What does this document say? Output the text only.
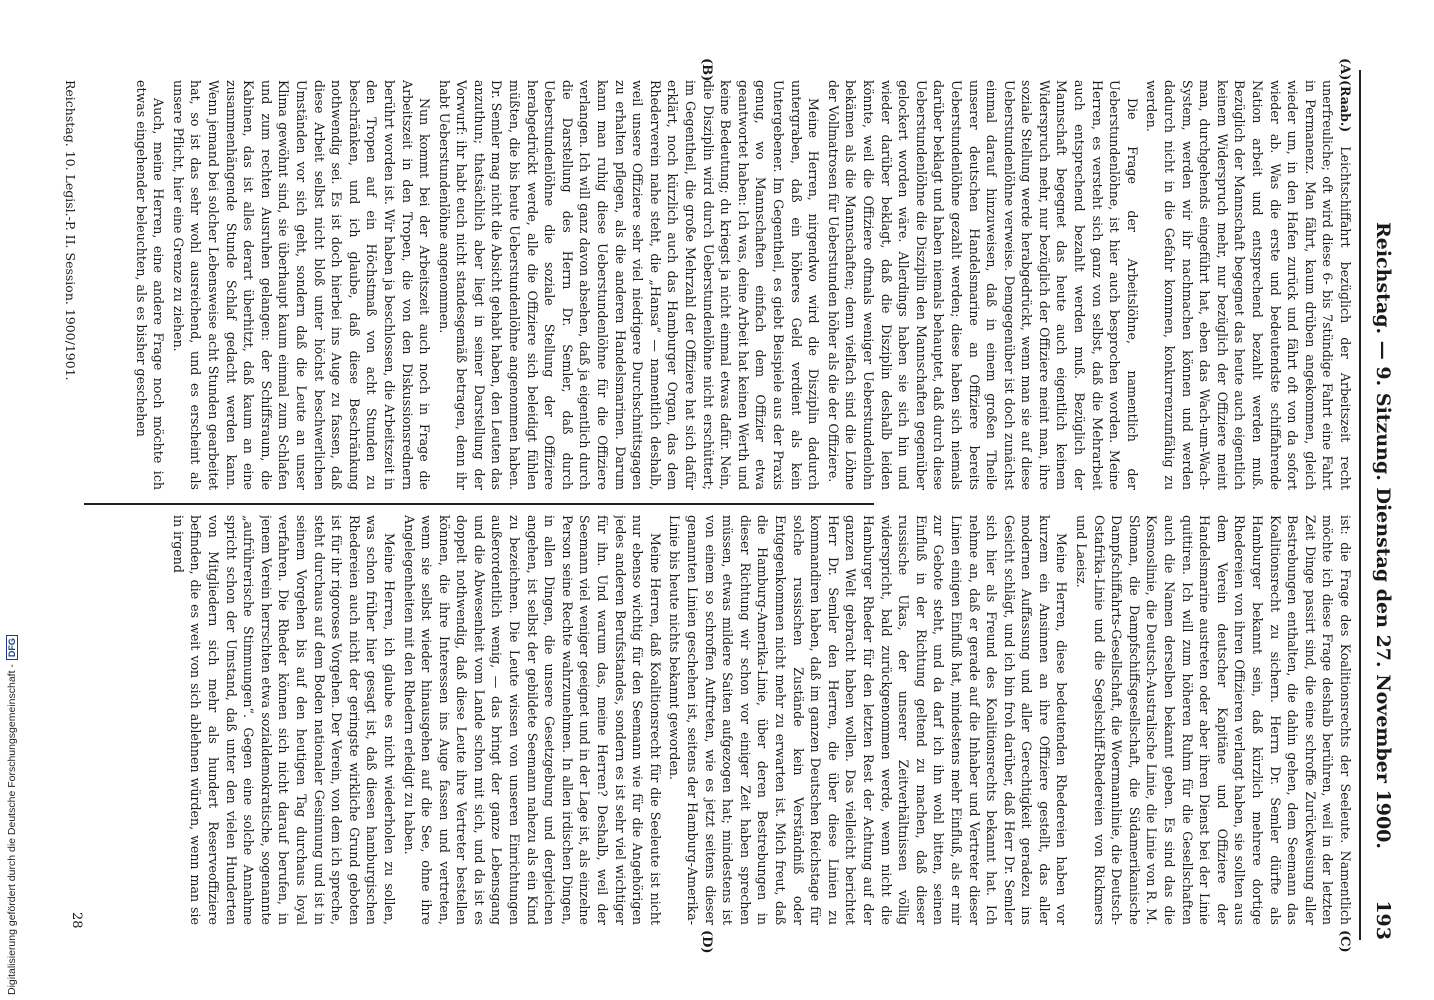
Reichstag. — 9. Sitzung. Dienstag den 27. November 1900.
193
(A)
(B)
(C)
(D)

(Raab.) Leichtschiffahrt bezüglich der Arbeitszeit recht unerfreuliche; oft wird diese 6- bis 7stündige Fahrt eine Fahrt in Permanenz. Man fährt, kaum drüben angekommen, gleich wieder um, in den Hafen zurück und fährt oft von da sofort wieder ab. Was die erste und bedeutendste schiffahrende Nation arbeit und entsprechend bezahlt werden muß. Bezüglich der Mannschaft begegnet das heute auch eigentlich keinem Widerspruch mehr, nur bezüglich der Offiziere meint man, durchgehends eingeführt hat, eben das Wach-um-Wach-System, werden wir ihr nachmachen können und werden dadurch nicht in die Gefahr kommen, konkurrenzunfähig zu werden.

Die Frage der Arbeitslöhne, namentlich der Ueberstundenlöhne, ist hier auch besprochen worden. Meine Herren, es versteht sich ganz von selbst, daß die Mehrarbeit auch entsprechend bezahlt werden muß. Bezüglich der Mannschaft begegnet das heute auch eigentlich keinem Widerspruch mehr, nur bezüglich der Offiziere meint man, ihre soziale Stellung werde herabgedrückt, wenn man sie auf diese Ueberstundenlöhne verweise. Demgegenüber ist doch zunächst einmal darauf hinzuweisen, daß in einem großen Theile unserer deutschen Handelsmarine an Offiziere bereits Ueberstundenlöhne gezahlt werden; diese haben sich niemals darüber beklagt und haben niemals behauptet, daß durch diese Ueberstundenlöhne die Disziplin den Mannschaften gegenüber gelockert worden wäre. Allerdings haben sie sich hin und wieder darüber beklagt, daß die Disziplin deshalb leiden könnte, weil die Offiziere oftmals weniger Ueberstundenlohn bekämen als die Mannschaften; denn vielfach sind die Löhne der Vollmatrosen für Ueberstunden höher als die der Offiziere.

Meine Herren, nirgendwo wird die Disziplin dadurch untergraben, daß ein höheres Geld verdient als kein Untergebener. Im Gegentheil, es giebt Beispiele aus der Praxis genug, wo Mannschaften einfach dem Offizier etwa geantwortet haben: Ich was, deine Arbeit hat keinen Werth und keine Bedeutung; du kriegst ja nicht einmal etwas dafür. Nein, die Disziplin wird durch Ueberstundenlöhne nicht erschüttert; im Gegentheil, die große Mehrzahl der Offiziere hat sich dafür erklärt, noch kürzlich auch das Hamburger Organ, das dem Rhederverein nahe steht, die „Hansa“ — namentlich deshalb, weil unsere Offiziere sehr viel niedrigere Durchschnittsgagen zu erhalten pflegen, als die anderen Handelsmarinen. Darum kann man ruhig diese Ueberstundenlöhne für die Offiziere verlangen. Ich will ganz davon absehen, daß ja eigentlich durch die Darstellung des Herrn Dr. Semler, daß durch Ueberstundenlöhne die soziale Stellung der Offiziere herabgedrückt werde, alle die Offiziere sich beleidigt fühlen müßten, die bis heute Ueberstundenlöhne angenommen haben. Dr. Semler mag nicht die Absicht gehabt haben, den Leuten das anzuthun; thatsächlich aber liegt in seiner Darstellung der Vorwurf: ihr habt euch nicht standesgemäß betragen, denn ihr habt Ueberstundenlöhne angenommen.

Nun kommt bei der Arbeitszeit auch noch in Frage die Arbeitszeit in den Tropen, die von den Diskussionsrednern berührt worden ist. Wir haben ja beschlossen, die Arbeitszeit in den Tropen auf ein Höchstmaß von acht Stunden zu beschränken, und ich glaube, daß diese Beschränkung nothwendig sei. Es ist doch hierbei ins Auge zu fassen, daß diese Arbeit selbst nicht bloß unter höchst beschwerlichen Umständen vor sich geht, sondern daß die Leute an unser Klima gewöhnt sind, sie überhaupt kaum einmal zum Schlafen und zum rechten Ausruhen gelangen: der Schiffsraum, die Kabinen, das ist alles derart überhitzt, daß kaum an eine zusammenhängende Stunde Schlaf gedacht werden kann. Wenn jemand bei solcher Lebensweise acht Stunden gearbeitet hat, so ist das sehr wohl ausreichend, und es erscheint als unsere Pflicht, hier eine Grenze zu ziehen.

Auch, meine Herren, eine andere Frage noch möchte ich etwas eingehender beleuchten, als es bisher geschehen

ist: die Frage des Koalitionsrechts der Seeleute. Namentlich möchte ich diese Frage deshalb berühren, weil in der letzten Zeit Dinge passirt sind, die eine schroffe Zurückweisung aller Bestrebungen enthalten, die dahin gehen, dem Seemann das Koalitionsrecht zu sichern. Herrn Dr. Semler dürfte als Hamburger bekannt sein, daß kürzlich mehrere dortige Rhedereien von ihren Offizieren verlangt haben, sie sollten aus dem Verein deutscher Kapitäne und Offiziere der Handelsmarine austreten oder aber ihren Dienst bei der Linie quittiren. Ich will zum höheren Ruhm für die Gesellschaften auch die Namen derselben bekannt geben. Es sind das die Kosmoslinie, die Deutsch-Australische Linie, die Linie von R. M. Sloman, die Dampfschiffsgesellschaft, die Südamerikanische Dampfschiffahrts-Gesellschaft, die Woermannlinie, die Deutsch-Ostafrika-Linie und die Segelschiff-Rhedereien von Rickmers und Laeisz.

Meine Herren, diese bedeutenden Rhedereien haben vor kurzem ein Ansinnen an ihre Offiziere gestellt, das aller modernen Auffassung und aller Gerechtigkeit geradezu ins Gesicht schlägt, und ich bin froh darüber, daß Herr Dr. Semler sich hier als Freund des Koalitionsrechts bekannt hat. Ich nehme an, daß er gerade auf die Inhaber und Vertreter dieser Linien einigen Einfluß hat, mindestens mehr Einfluß, als er mir zur Gebote steht, und da darf ich ihn wohl bitten, seinen Einfluß in der Richtung geltend zu machen, daß dieser russische Ukas, der unserer Zeitverhältnissen völlig widerspricht, bald zurückgenommen werde, wenn nicht die Hamburger Rheder für den letzten Rest der Achtung auf der ganzen Welt gebracht haben wollen. Das vielleicht berichtet Herr Dr. Semler den Herren, die über diese Linien zu kommandiren haben, daß im ganzen Deutschen Reichstage für solche russischen Zustände kein Verständniß oder Entgegenkommen nicht mehr zu erwarten ist. Mich freut, daß die Hamburg-Amerika-Linie, über deren Bestrebungen in dieser Richtung wir schon vor einiger Zeit haben sprechen müssen, etwas mildere Saiten aufgezogen hat; mindestens ist von einem so schroffen Auftreten, wie es jetzt seitens dieser genannten Linien geschehen ist, seitens der Hamburg-Amerika-Linie bis heute nichts bekannt geworden.

Meine Herren, daß Koalitionsrecht für die Seeleute ist nicht nur ebenso wichtig für den Seemann wie für die Angehörigen jedes anderen Berufsstandes, sondern es ist sehr viel wichtiger für ihn. Und warum das, meine Herren? Deshalb, weil der Seemann viel weniger geeignet und in der Lage ist, als einzelne Person seine Rechte wahrzunehmen. In allen irdischen Dingen, in allen Dingen, die unsere Gesetzgebung und dergleichen angehen, ist selbst der gebildete Seemann nahezu als ein Kind zu bezeichnen. Die Leute wissen von unseren Einrichtungen außerordentlich wenig, — das bringt der ganze Lebensgang und die Abwesenheit vom Lande schon mit sich, und da ist es doppelt nothwendig, daß diese Leute ihre Vertreter bestellen können, die ihre Interessen ins Auge fassen und vertreten, wenn sie selbst wieder hinausgehen auf die See, ohne ihre Angelegenheiten mit den Rhedern erledigt zu haben.

Meine Herren, ich glaube es nicht wiederholen zu sollen, was schon früher hier gesagt ist, daß diesen hamburgischen Rhedereien auch nicht der geringste wirkliche Grund geboten ist für ihr rigoroses Vorgehen. Der Verein, von dem ich spreche, steht durchaus auf dem Boden nationaler Gesinnung und ist in seinem Vorgehen bis auf den heutigen Tag durchaus loyal verfahren. Die Rheder können sich nicht darauf berufen, in jenem Verein herrschten etwa sozialdemokratische, sogenannte „aufrührerische Stimmungen“. Gegen eine solche Annahme spricht schon der Umstand, daß unter den vielen Hunderten von Mitgliedern sich mehr als hundert Reserveoffiziere befinden, die es weit von sich ablehnen würden, wenn man sie in irgend

Reichstag. 10. Legisl.-P. II. Session. 1900/1901.
28
Digitalisierung gefördert durch die Deutsche Forschungsgemeinschaft -DFG
